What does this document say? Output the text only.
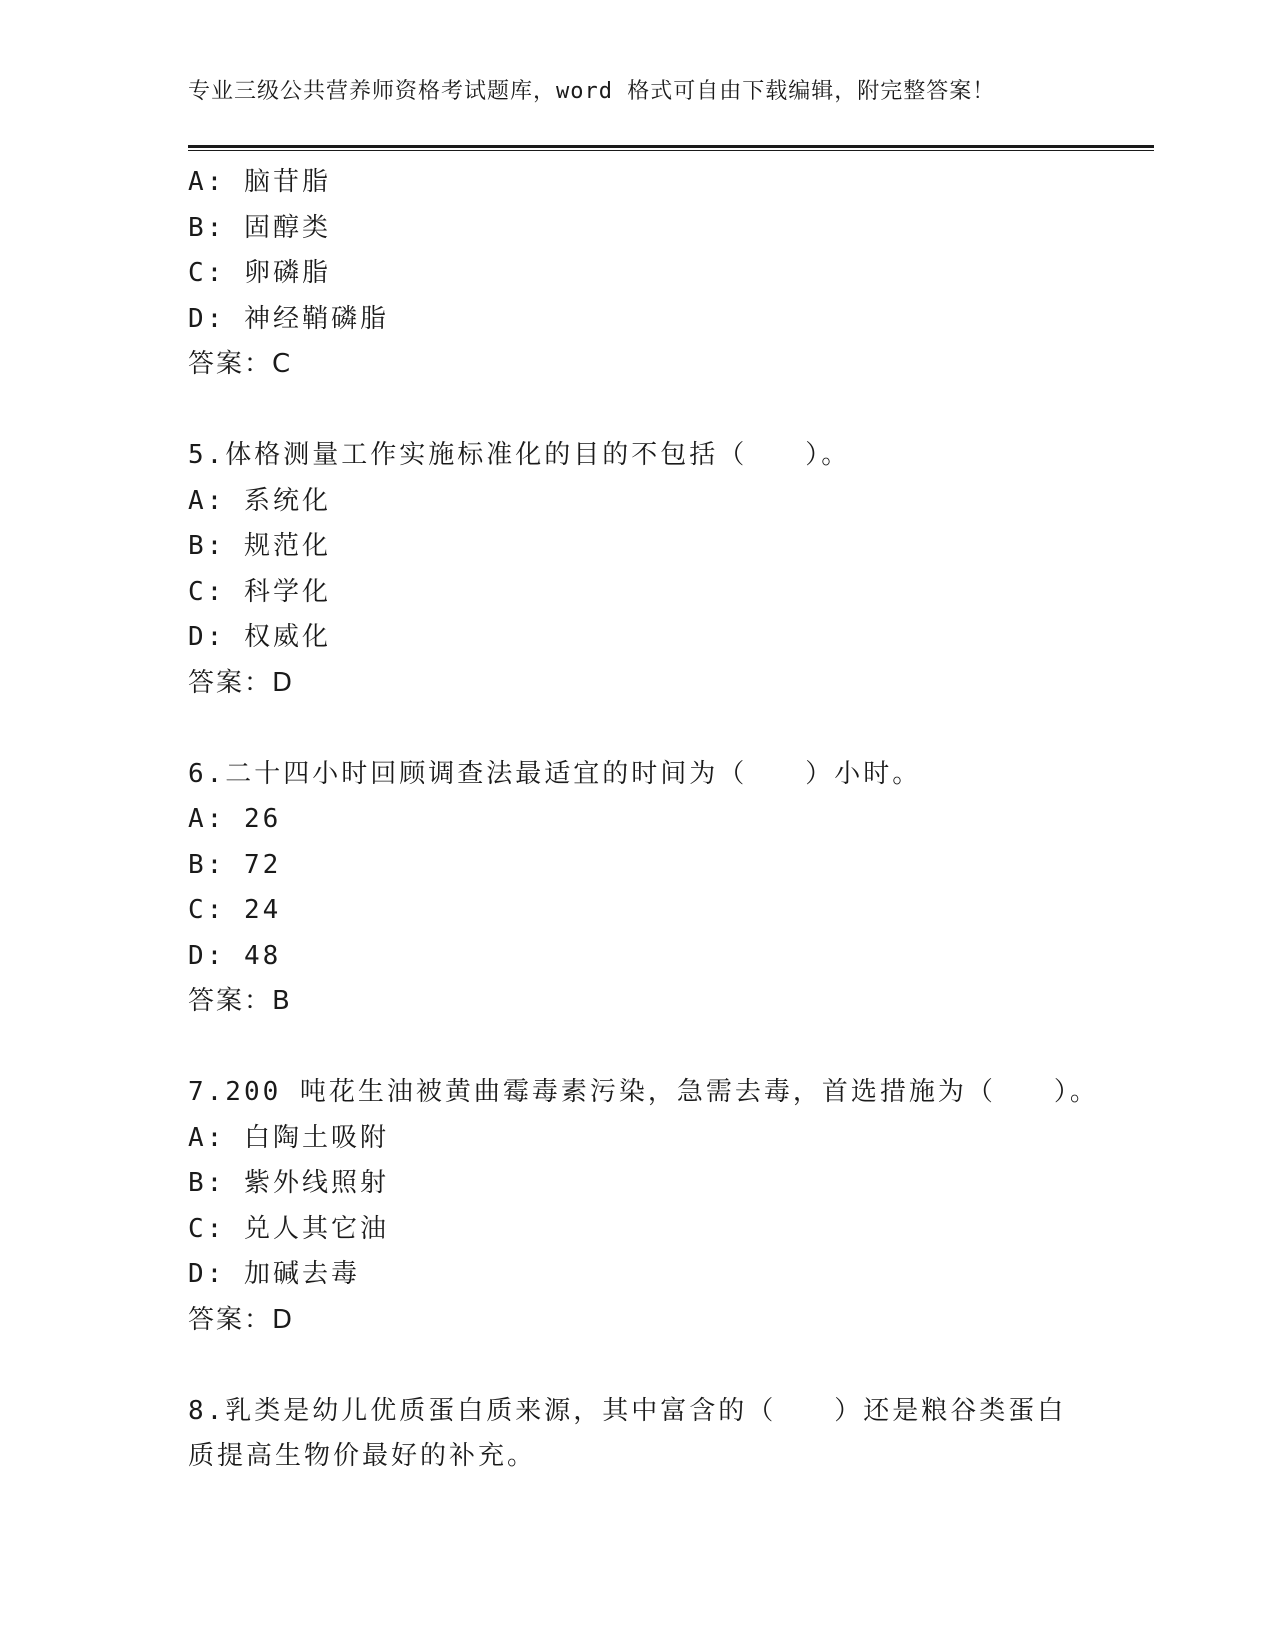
专业三级公共营养师资格考试题库，word 格式可自由下载编辑，附完整答案！
A: 脑苷脂
B: 固醇类
C: 卵磷脂
D: 神经鞘磷脂
答案：C
5.体格测量工作实施标准化的目的不包括（　　）。
A: 系统化
B: 规范化
C: 科学化
D: 权威化
答案：D
6.二十四小时回顾调查法最适宜的时间为（　　）小时。
A: 26
B: 72
C: 24
D: 48
答案：B
7.200 吨花生油被黄曲霉毒素污染，急需去毒，首选措施为（　　）。
A: 白陶土吸附
B: 紫外线照射
C: 兑人其它油
D: 加碱去毒
答案：D
8.乳类是幼儿优质蛋白质来源，其中富含的（　　）还是粮谷类蛋白
质提高生物价最好的补充。
